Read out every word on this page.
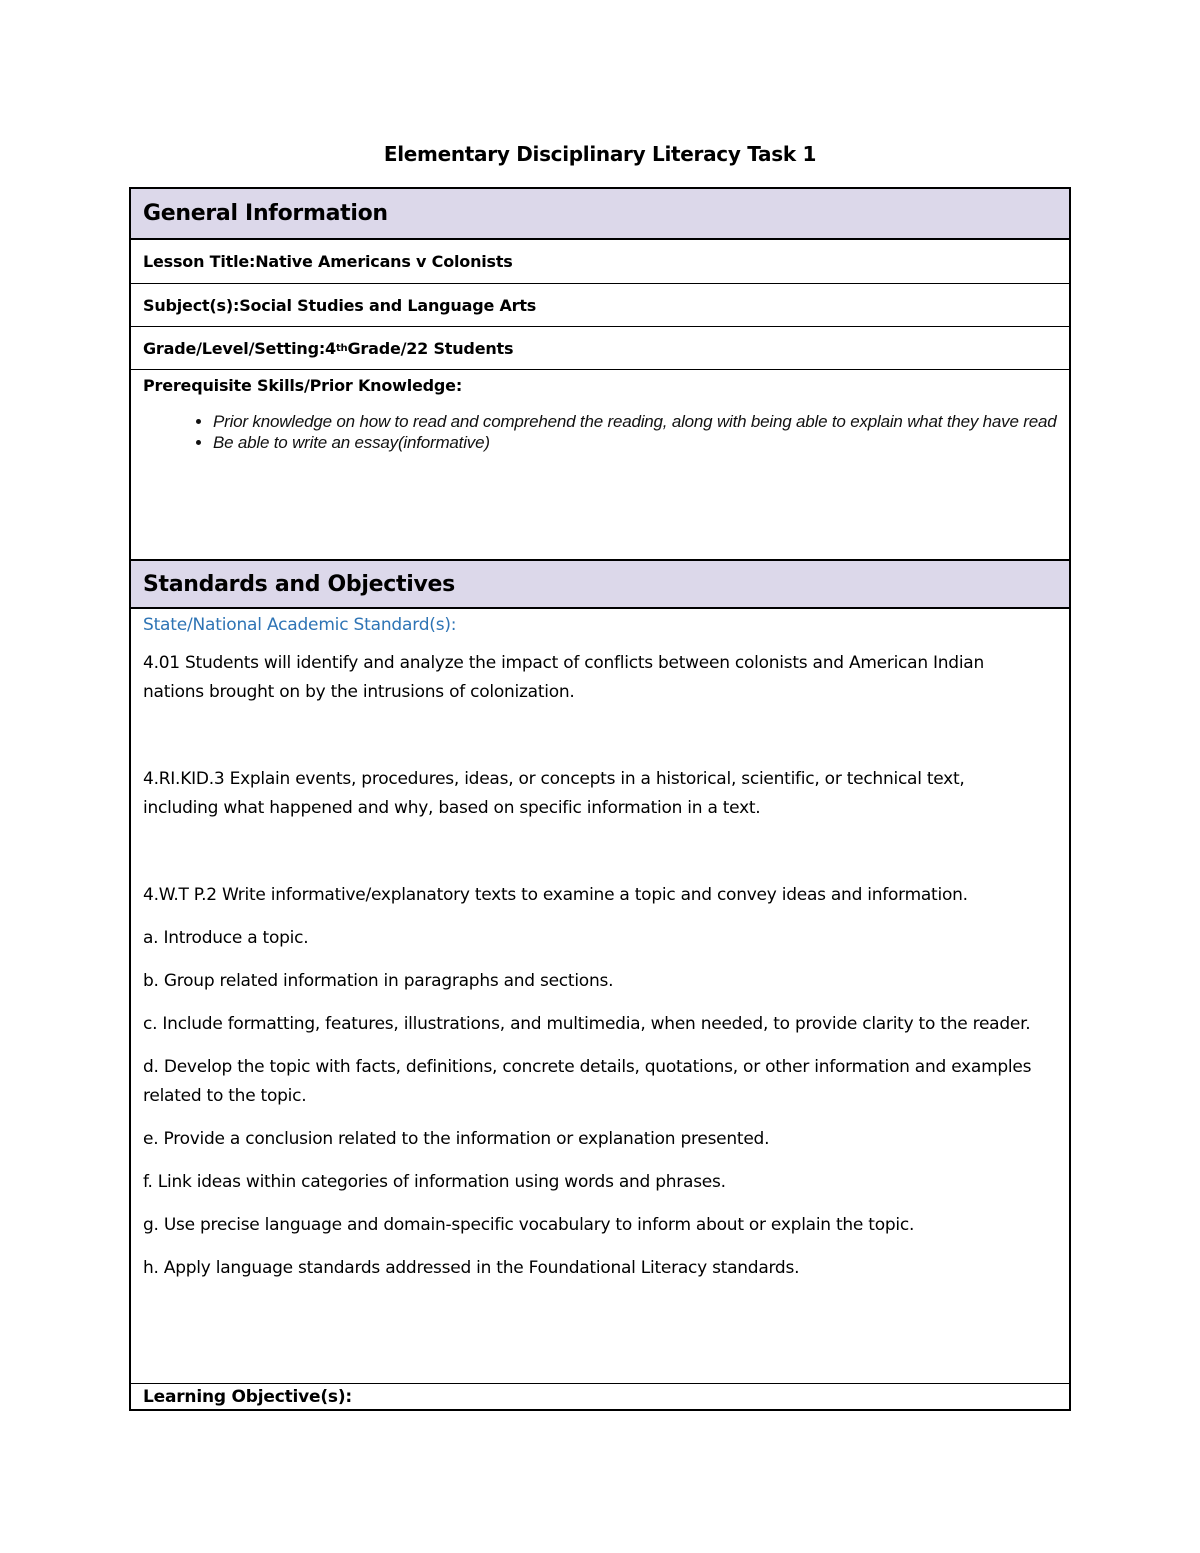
Elementary Disciplinary Literacy Task 1
General Information
Lesson Title: Native Americans v Colonists
Subject(s): Social Studies and Language Arts
Grade/Level/Setting: 4 th Grade/22 Students
Prerequisite Skills/Prior Knowledge:
• Prior knowledge on how to read and comprehend the reading, along with being able to explain what they have read
• Be able to write an essay(informative)
Standards and Objectives

State/National Academic Standard(s):

4.01 Students will identify and analyze the impact of conflicts between colonists and American Indian nations brought on by the intrusions of colonization.

4.RI.KID.3 Explain events, procedures, ideas, or concepts in a historical, scientific, or technical text, including what happened and why, based on specific information in a text.

4.W.T P.2 Write informative/explanatory texts to examine a topic and convey ideas and information.

a. Introduce a topic.

b. Group related information in paragraphs and sections.

c. Include formatting, features, illustrations, and multimedia, when needed, to provide clarity to the reader.

d. Develop the topic with facts, definitions, concrete details, quotations, or other information and examples related to the topic.

e. Provide a conclusion related to the information or explanation presented.

f. Link ideas within categories of information using words and phrases.

g. Use precise language and domain-specific vocabulary to inform about or explain the topic.

h. Apply language standards addressed in the Foundational Literacy standards.

Learning Objective(s):
